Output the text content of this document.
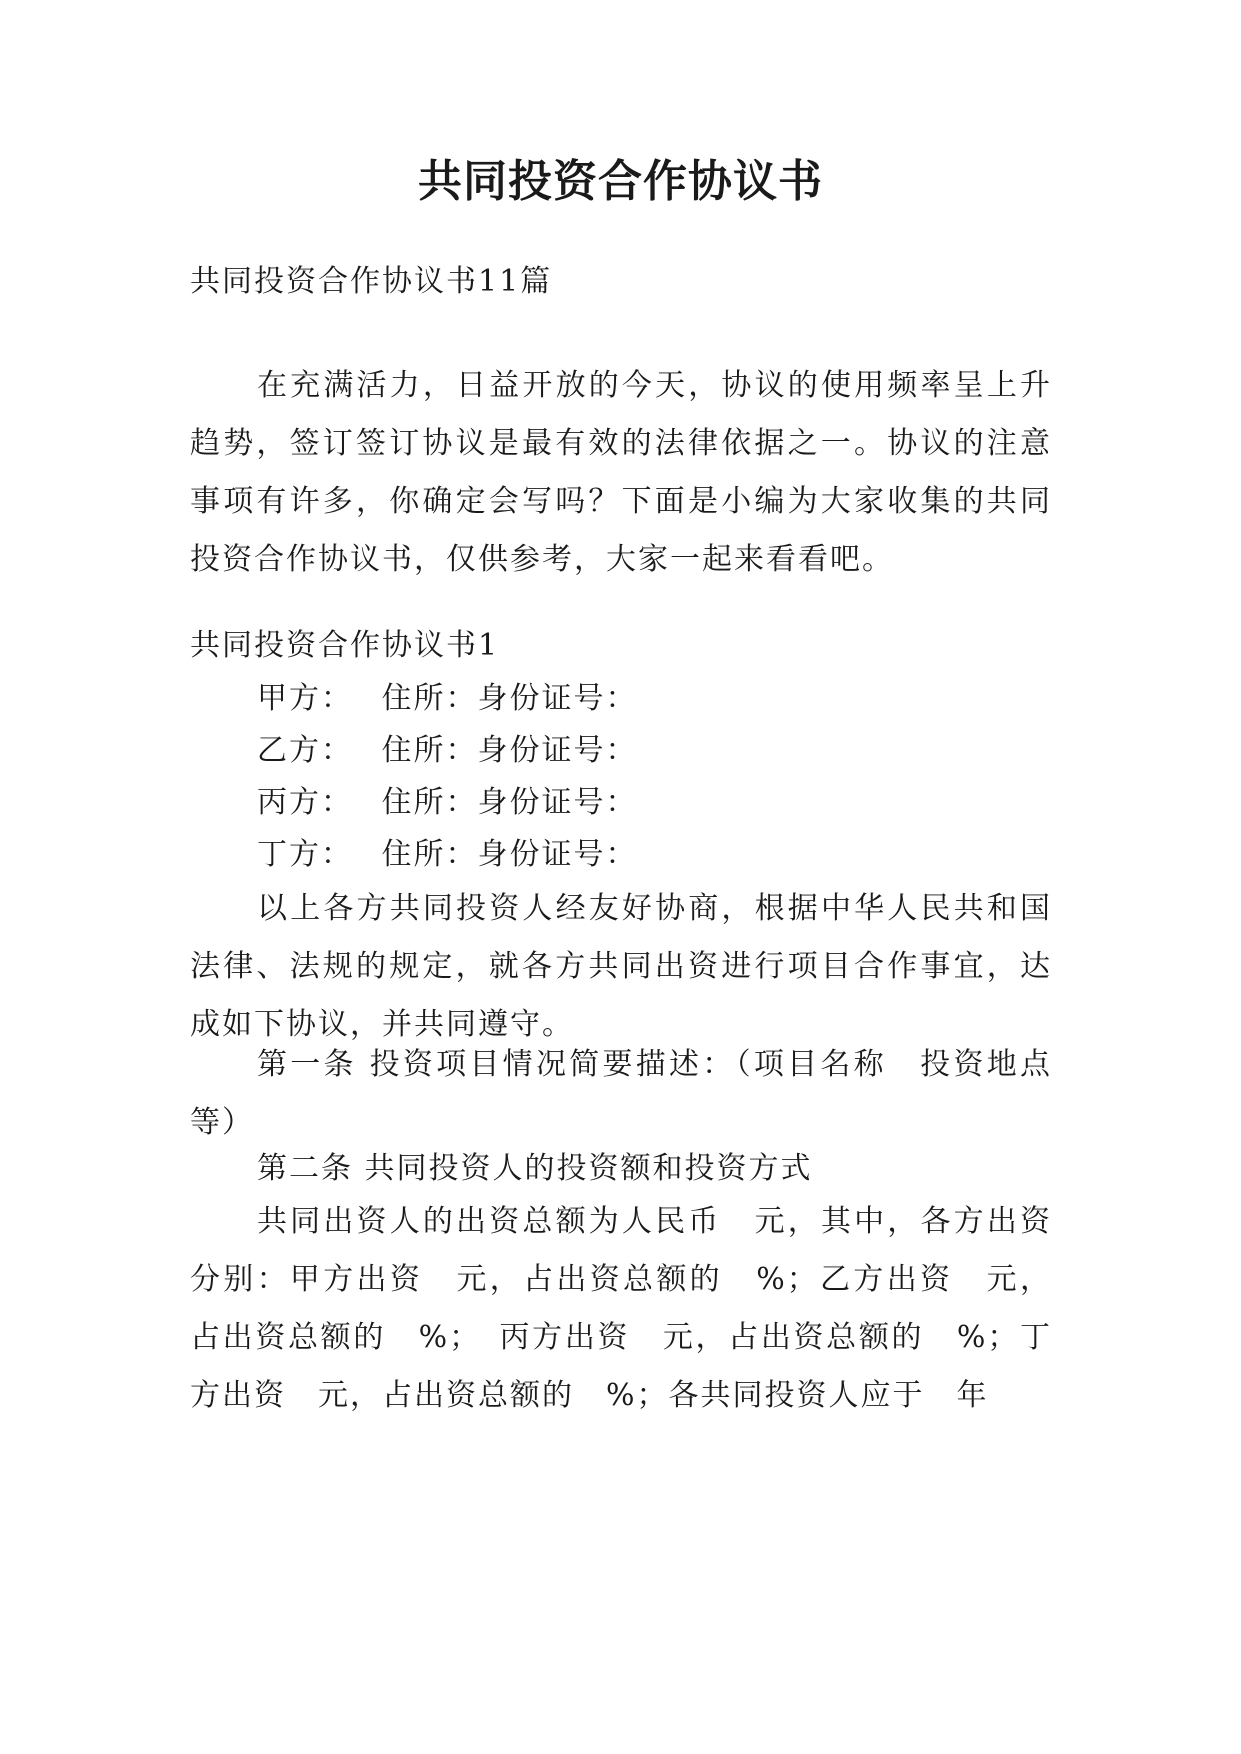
共同投资合作协议书
共同投资合作协议书11篇
在充满活力，日益开放的今天，协议的使用频率呈上升趋势，签订签订协议是最有效的法律依据之一。协议的注意事项有许多，你确定会写吗？下面是小编为大家收集的共同投资合作协议书，仅供参考，大家一起来看看吧。
共同投资合作协议书1
甲方：　 住所：身份证号：
乙方：　 住所：身份证号：
丙方：　 住所：身份证号：
丁方：　 住所：身份证号：
以上各方共同投资人经友好协商，根据中华人民共和国法律、法规的规定，就各方共同出资进行项目合作事宜，达成如下协议，并共同遵守。
第一条 投资项目情况简要描述：（项目名称　投资地点等）
第二条 共同投资人的投资额和投资方式
共同出资人的出资总额为人民币　元，其中，各方出资分别：甲方出资　元，占出资总额的　%；乙方出资　元，占出资总额的　%；　丙方出资　元，占出资总额的　%；丁方出资　元，占出资总额的　%；各共同投资人应于　年
